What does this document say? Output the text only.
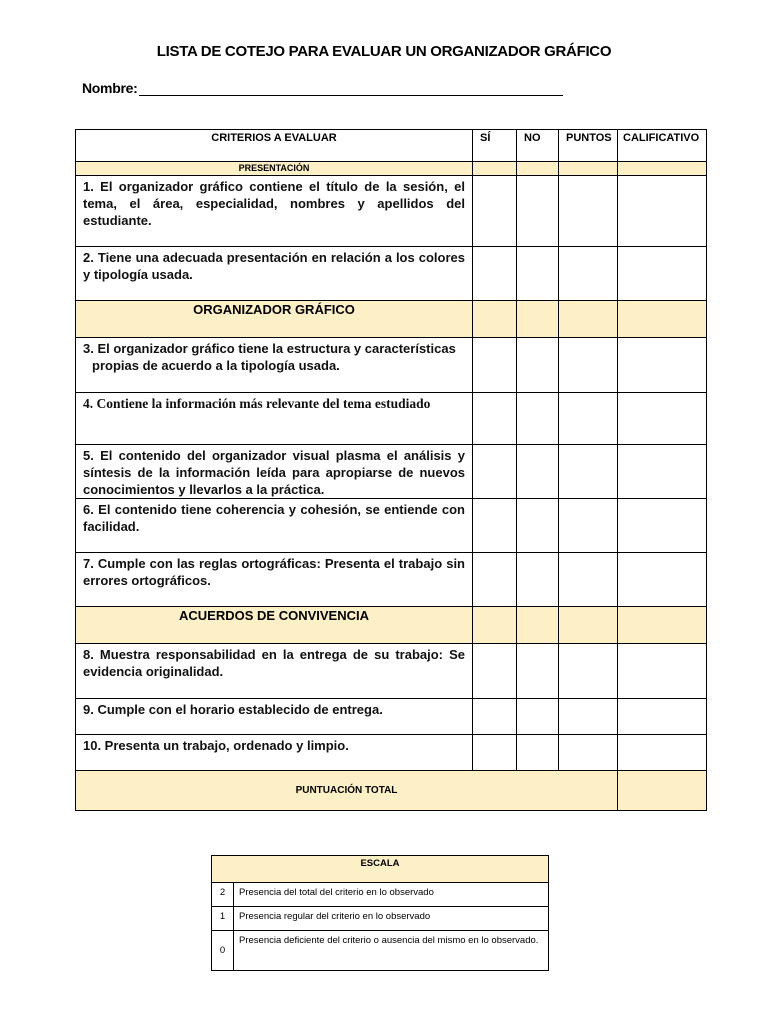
LISTA DE COTEJO PARA EVALUAR UN ORGANIZADOR GRÁFICO
Nombre:
CRITERIOS A EVALUAR	SÍ	NO	PUNTOS	CALIFICATIVO
PRESENTACIÓN				
1. El organizador gráfico contiene el título de la sesión, el tema, el área, especialidad, nombres y apellidos del estudiante.				
2. Tiene una adecuada presentación en relación a los colores y tipología usada.				
ORGANIZADOR GRÁFICO				
3. El organizador gráfico tiene la estructura y características
propias de acuerdo a la tipología usada.				
4. Contiene la información más relevante del tema estudiado				
5. El contenido del organizador visual plasma el análisis y síntesis de la información leída para apropiarse de nuevos conocimientos y llevarlos a la práctica.				
6. El contenido tiene coherencia y cohesión, se entiende con facilidad.				
7. Cumple con las reglas ortográficas: Presenta el trabajo sin errores ortográficos.				
ACUERDOS DE CONVIVENCIA				
8. Muestra responsabilidad en la entrega de su trabajo: Se evidencia originalidad.				
9. Cumple con el horario establecido de entrega.				
10. Presenta un trabajo, ordenado y limpio.				
PUNTUACIÓN TOTAL				
ESCALA	
2	Presencia del total del criterio en lo observado
1	Presencia regular del criterio en lo observado
0	Presencia deficiente del criterio o ausencia del mismo en lo observado.
